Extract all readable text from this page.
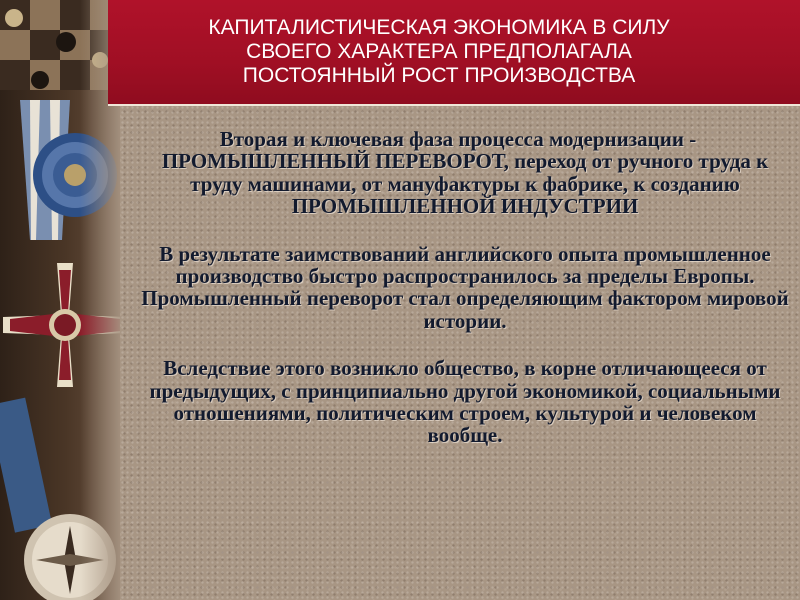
КАПИТАЛИСТИЧЕСКАЯ ЭКОНОМИКА В СИЛУ
СВОЕГО ХАРАКТЕРА ПРЕДПОЛАГАЛА
ПОСТОЯННЫЙ РОСТ ПРОИЗВОДСТВА

Вторая и ключевая фаза процесса модернизации - ПРОМЫШЛЕННЫЙ ПЕРЕВОРОТ, переход от ручного труда к труду машинами, от мануфактуры к фабрике, к созданию ПРОМЫШЛЕННОЙ ИНДУСТРИИ

В результате заимствований английского опыта промышленное производство быстро распространилось за пределы Европы. Промышленный переворот стал определяющим фактором мировой истории.

Вследствие этого возникло общество, в корне отличающееся от предыдущих, с принципиально другой экономикой, социальными отношениями, политическим строем, культурой и человеком вообще.
